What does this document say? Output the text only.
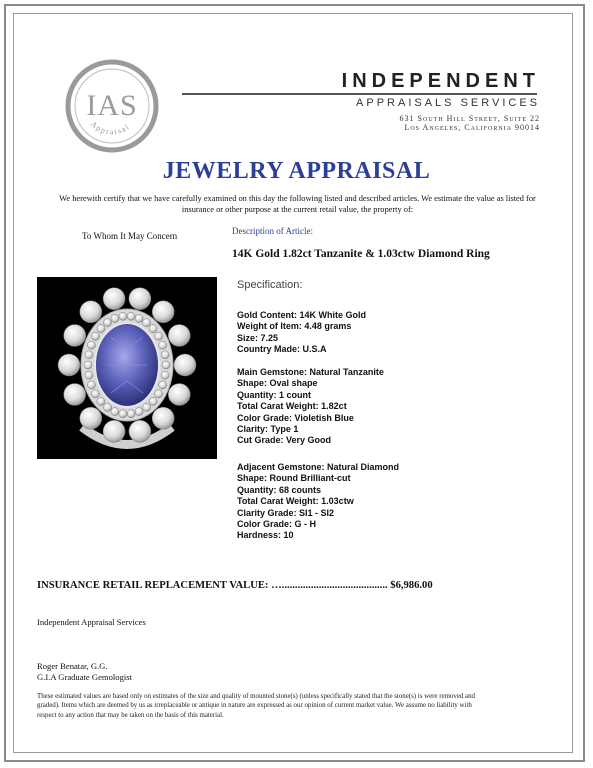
Appraisal
IAS
INDEPENDENT
APPRAISALS SERVICES
631 South Hill Street, Suite 22
Los Angeles, California 90014
JEWELRY APPRAISAL
We herewith certify that we have carefully examined on this day the following listed and described articles. We estimate the value as listed for insurance or other purpose at the current retail value, the property of:
To Whom It May Concern	Description of Article:
14K Gold 1.82ct Tanzanite & 1.03ctw Diamond Ring
Specification:
Gold Content: 14K White Gold
Weight of Item: 4.48 grams
Size: 7.25
Country Made: U.S.A
Main Gemstone: Natural Tanzanite
Shape: Oval shape
Quantity: 1 count
Total Carat Weight: 1.82ct
Color Grade: Violetish Blue
Clarity: Type 1
Cut Grade: Very Good
Adjacent Gemstone: Natural Diamond
Shape: Round Brilliant-cut
Quantity: 68 counts
Total Carat Weight: 1.03ctw
Clarity Grade: SI1 - SI2
Color Grade: G - H
Hardness: 10
INSURANCE RETAIL REPLACEMENT VALUE: …........................................ $6,986.00
Independent Appraisal Services
Roger Benatar, G.G.
G.I.A Graduate Gemologist
These estimated values are based only on estimates of the size and quality of mounted stone(s) (unless specifically stated that the stone(s) is were removed and graded). Items which are deemed by us as irreplaceable or antique in nature are expressed as our opinion of current market value. We assume no liability with respect to any action that may be taken on the basis of this material.
